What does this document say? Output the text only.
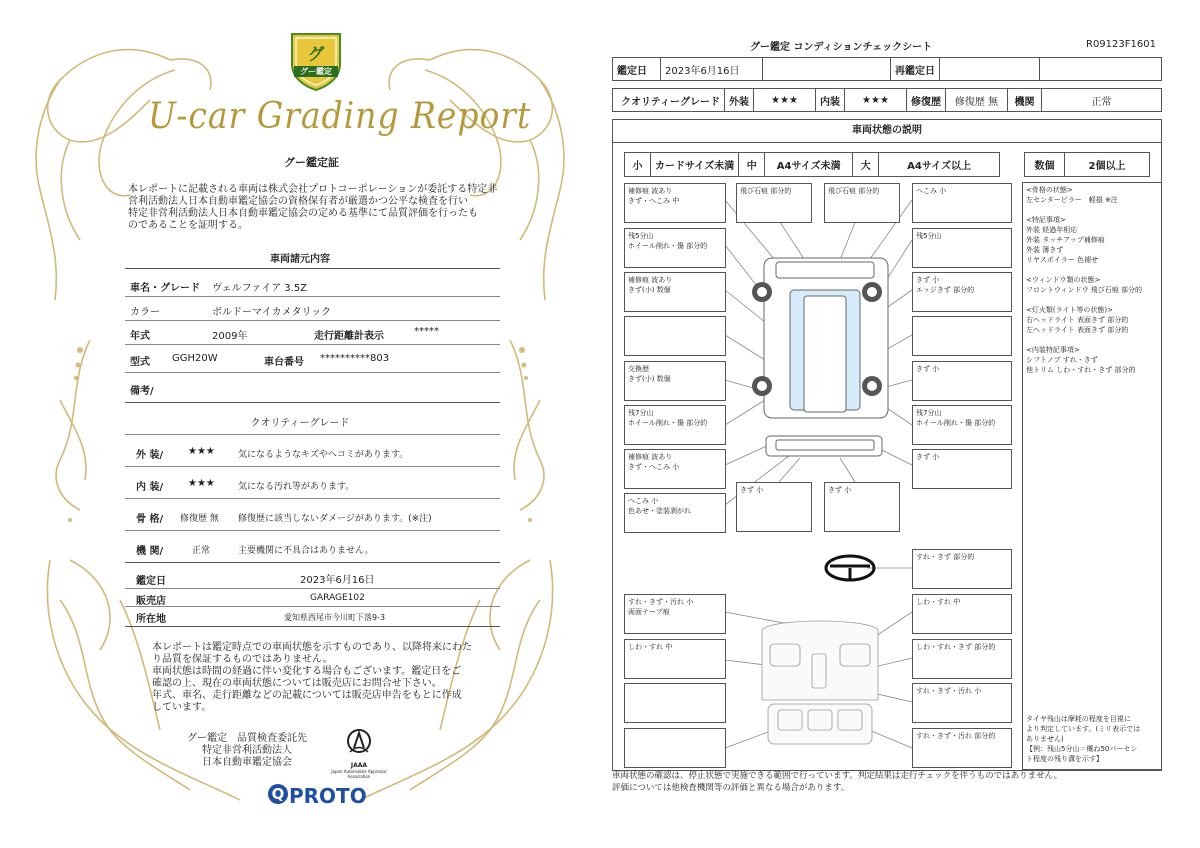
グ
グー鑑定
U-car Grading Report
グー鑑定証
本レポートに記載される車両は株式会社プロトコーポレーションが委託する特定非
営利活動法人日本自動車鑑定協会の資格保有者が厳選かつ公平な検査を行い
特定非営利活動法人日本自動車鑑定協会の定める基準にて品質評価を行ったも
のであることを証明する。
車両諸元内容
車名・グレード ヴェルファイア 3.5Z
カラー	ボルドーマイカメタリック
年式	2009年	走行距離計表示	*****
型式 GGH20W	車台番号 **********803
備考/
クオリティーグレード
外 装/ ★★★	気になるようなキズやヘコミがあります。
内 装/ ★★★	気になる汚れ等があります。
骨 格/ 修復歴 無 修復歴に該当しないダメージがあります。(※注)
機 関/	正常	主要機関に不具合はありません。
鑑定日	2023年6月16日
販売店	GARAGE102
所在地	愛知県西尾市今川町下落9-3
本レポートは鑑定時点での車両状態を示すものであり、以降将来にわた
り品質を保証するものではありません。
車両状態は時間の経過に伴い変化する場合もございます。鑑定日をご
確認の上、現在の車両状態については販売店にお問合せ下さい。
年式、車名、走行距離などの記載については販売店申告をもとに作成
しています。
グー鑑定　品質検査委託先
特定非営利活動法人
日本自動車鑑定協会	JAAA
Japan Automobile Appraisal Association
Q PROTO
グー鑑定 コンディションチェックシート	R09123F1601
鑑定日	2023年6月16日		再鑑定日		
クオリティーグレード	外装	★★★	内装	★★★	修復歴	修復歴 無	機関	正常
車両状態の説明
小	カードサイズ未満	中	A4サイズ未満	大	A4サイズ以上	数個	2個以上
補修痕 波あり
きず・へこみ 中
飛び石痕 部分的	飛び石痕 部分的	へこみ 小
残5分山
ホイール削れ・傷 部分的
残5分山
補修痕 波あり
きず(小) 数個
きず 小
エッジきず 部分的
交換歴
きず(小) 数個
きず 小
残7分山
ホイール削れ・傷 部分的
残7分山
ホイール削れ・傷 部分的
補修痕 波あり
きず・へこみ 小
きず 小
へこみ 小
色あせ・塗装剥がれ
きず 小	きず 小
すれ・きず 部分的
すれ・きず・汚れ 小
両面テープ痕
しわ・すれ 中
しわ・すれ 中	しわ・すれ・きず 部分的
すれ・きず・汚れ 小
すれ・きず・汚れ 部分的

<骨格の状態>

左センターピラー　軽損 ※注

<特記事項>

外装 経過年相応

外装 タッチアップ補修痕

外装 薄きず

リヤスポイラー 色褪せ

<ウィンドウ類の状態>

フロントウィンドウ 飛び石痕 部分的

<灯火類(ライト等の状態)>

右ヘッドライト 表面きず 部分的

左ヘッドライト 表面きず 部分的

<内装特記事項>

シフトノブ すれ・きず

他トリム しわ・すれ・きず 部分的

タイヤ残山は摩耗の程度を目視に
より判定しています。(ミリ表示では
ありません)
【例：残山5分山＝概ね50パーセン
ト程度の残り溝を示す】
車両状態の確認は、停止状態で実施できる範囲で行っています。判定結果は走行チェックを伴うものではありません。
評価については他検査機関等の評価と異なる場合があります。
